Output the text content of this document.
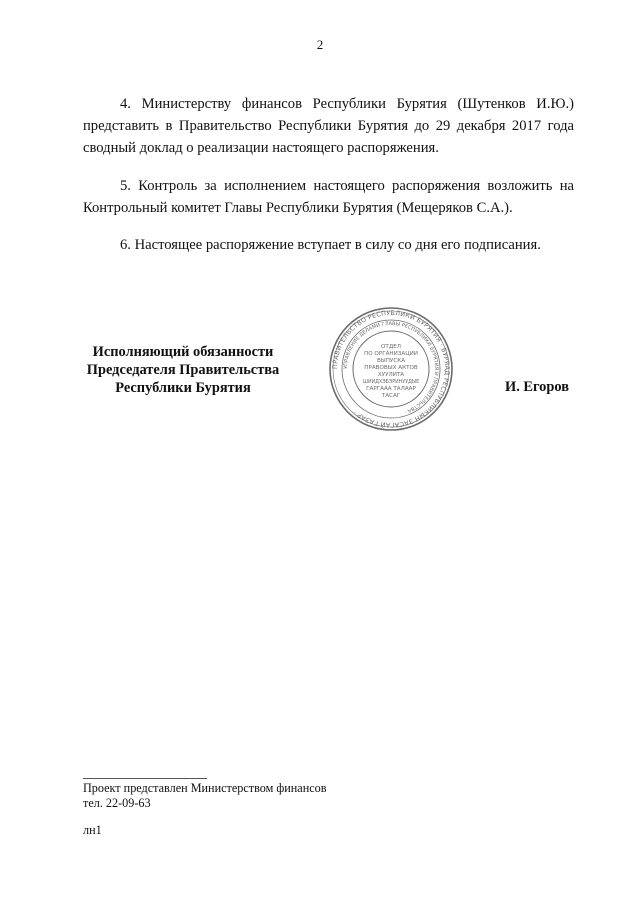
2

4. Министерству финансов Республики Бурятия (Шутенков И.Ю.)
представить в Правительство Республики Бурятия до 29 декабря 2017 года
сводный доклад о реализации настоящего распоряжения.

5. Контроль за исполнением настоящего распоряжения возложить на
Контрольный комитет Главы Республики Бурятия (Мещеряков С.А.).

6. Настоящее распоряжение вступает в силу со дня его подписания.

Исполняющий обязанности
Председателя Правительства
Республики Бурятия
ПРАВИТЕЛЬСТВО РЕСПУБЛИКИ БУРЯТИЯ · БУРЯАД РЕСПУБЛИКЫН ЗАСАГАЙ ГАЗАР ·
УПРАВЛЕНИЕ ДЕЛАМИ ГЛАВЫ РЕСПУБЛИКИ БУРЯТИЯ И ПРАВИТЕЛЬСТВА ·
ОТДЕЛ
ПО ОРГАНИЗАЦИИ
ВЫПУСКА
ПРАВОВЫХ АКТОВ
ХУУЛИТА
ШИИДХЭБЭРИНУУДЫЕ
ГАРГААА ТАЛААР
ТАСАГ
И. Егоров
Проект представлен Министерством финансов
тел. 22-09-63
лн1
